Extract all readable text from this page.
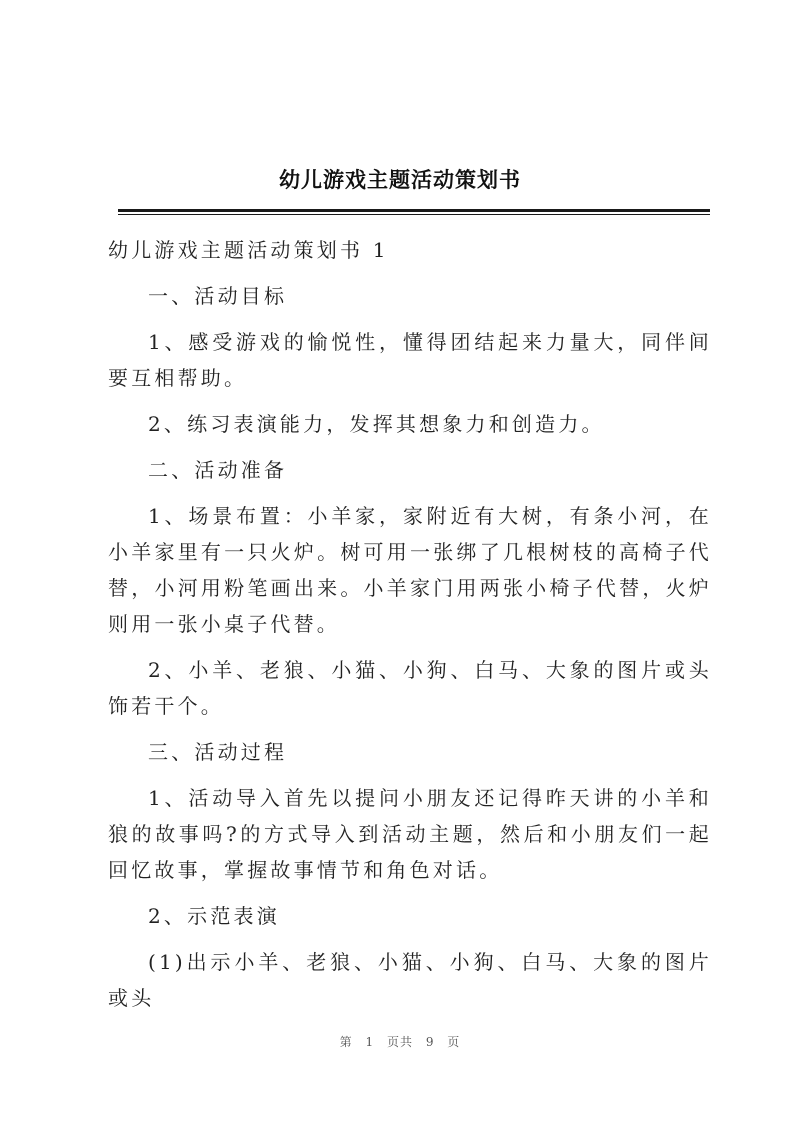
幼儿游戏主题活动策划书

幼儿游戏主题活动策划书 1

一、活动目标

1、感受游戏的愉悦性，懂得团结起来力量大，同伴间要互相帮助。

2、练习表演能力，发挥其想象力和创造力。

二、活动准备

1、场景布置：小羊家，家附近有大树，有条小河，在小羊家里有一只火炉。树可用一张绑了几根树枝的高椅子代替，小河用粉笔画出来。小羊家门用两张小椅子代替，火炉则用一张小桌子代替。

2、小羊、老狼、小猫、小狗、白马、大象的图片或头饰若干个。

三、活动过程

1、活动导入首先以提问小朋友还记得昨天讲的小羊和狼的故事吗?的方式导入到活动主题，然后和小朋友们一起回忆故事，掌握故事情节和角色对话。

2、示范表演

(1)出示小羊、老狼、小猫、小狗、白马、大象的图片或头

第 1 页共 9 页
